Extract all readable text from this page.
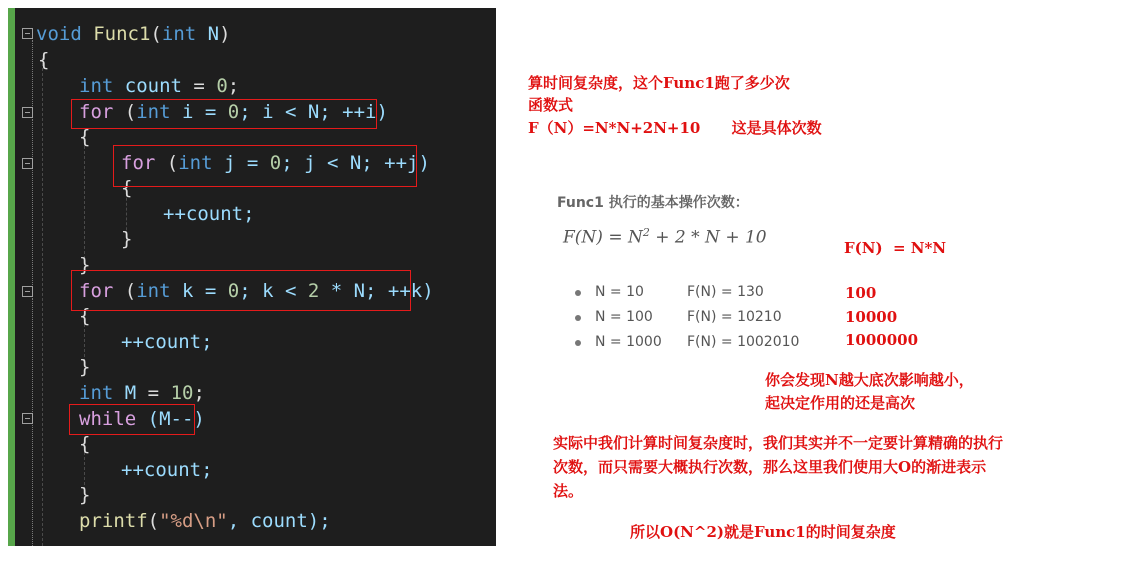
void Func1(int N)
{
int count = 0;
for (int i = 0; i < N; ++i)
{
for (int j = 0; j < N; ++j)
{
++count;
}
}
for (int k = 0; k < 2 * N; ++k)
{
++count;
}
int M = 10;
while (M--)
{
++count;
}
printf("%d\n", count);
算时间复杂度，这个Func1跑了多少次
函数式
F（N）=N*N+2N+10      这是具体次数
Func1 执行的基本操作次数：
$F(N) = N^2 + 2 * N + 10$
F(N)  = N*N
N = 10	F(N) = 130	100
N = 100 F(N) = 10210	10000
N = 1000 F(N) = 1002010	1000000
你会发现N越大底次影响越小，
起决定作用的还是高次
实际中我们计算时间复杂度时，我们其实并不一定要计算精确的执行
次数，而只需要大概执行次数，那么这里我们使用大O的渐进表示
法。
所以O(N^2)就是Func1的时间复杂度
